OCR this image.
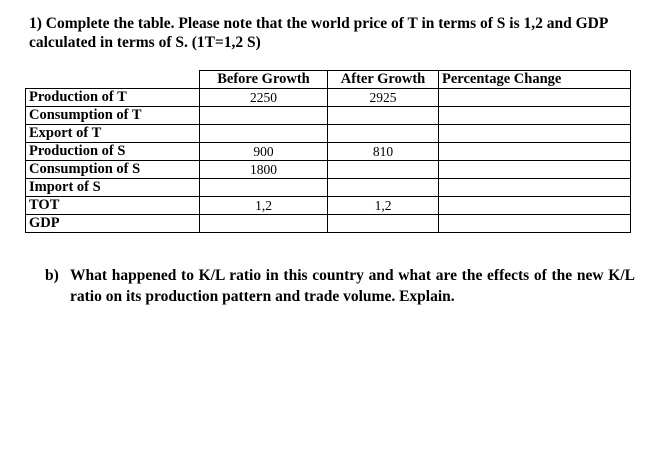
1) Complete the table. Please note that the world price of T in terms of S is 1,2 and GDP
calculated in terms of S. (1T=1,2 S)
	Before Growth	After Growth	Percentage Change
Production of T	2250	2925	
Consumption of T			
Export of T			
Production of S	900	810	
Consumption of S	1800		
Import of S			
TOT	1,2	1,2	
GDP			
b) What happened to K/L ratio in this country and what are the effects of the new K/L ratio on its production pattern and trade volume. Explain.
